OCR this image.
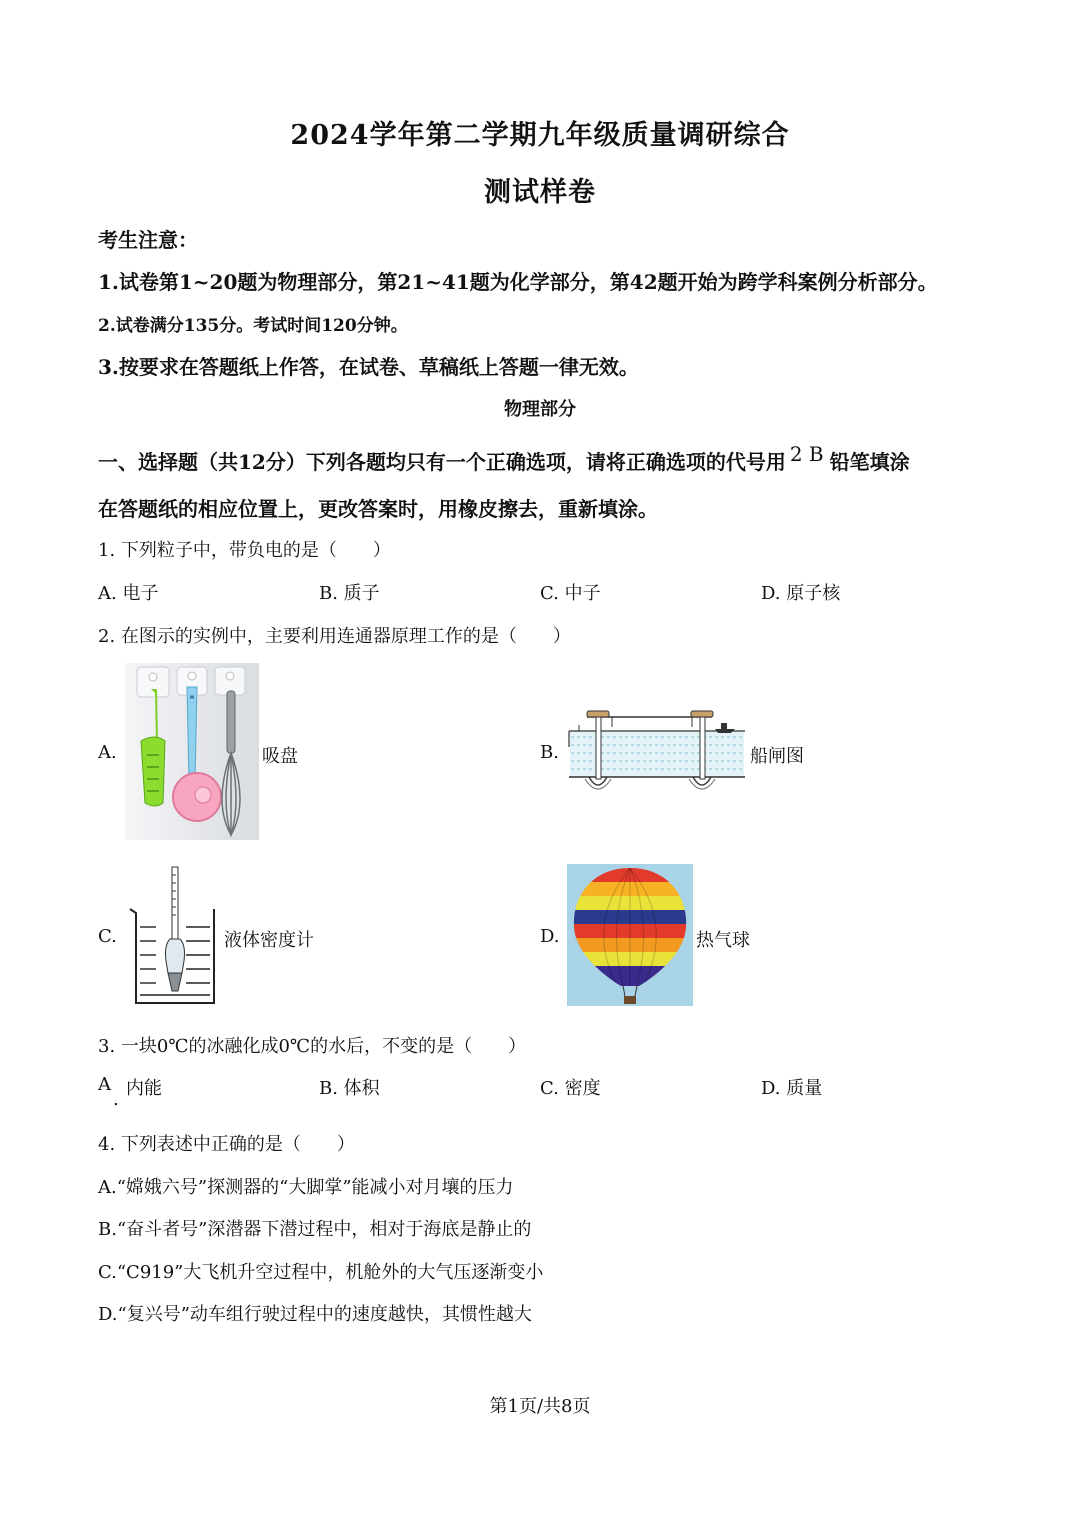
2024学年第二学期九年级质量调研综合
测试样卷
考生注意：
1.试卷第1~20题为物理部分，第21~41题为化学部分，第42题开始为跨学科案例分析部分。
2.试卷满分135分。考试时间120分钟。
3.按要求在答题纸上作答，在试卷、草稿纸上答题一律无效。
物理部分
一、选择题（共12分）下列各题均只有一个正确选项，请将正确选项的代号用 2 B 铅笔填涂
在答题纸的相应位置上，更改答案时，用橡皮擦去，重新填涂。
1. 下列粒子中，带负电的是（　　）
A. 电子	B. 质子	C. 中子	D. 原子核
2. 在图示的实例中，主要利用连通器原理工作的是（　　）
A.	吸盘	B.	船闸图
C.	液体密度计	D.	热气球
3. 一块0℃的冰融化成0℃的水后，不变的是（　　）
A
.
内能	B. 体积	C. 密度	D. 质量
4. 下列表述中正确的是（　　）
A.“嫦娥六号”探测器的“大脚掌”能减小对月壤的压力
B.“奋斗者号”深潜器下潜过程中，相对于海底是静止的
C.“C919”大飞机升空过程中，机舱外的大气压逐渐变小
D.“复兴号”动车组行驶过程中的速度越快，其惯性越大
第1页/共8页
